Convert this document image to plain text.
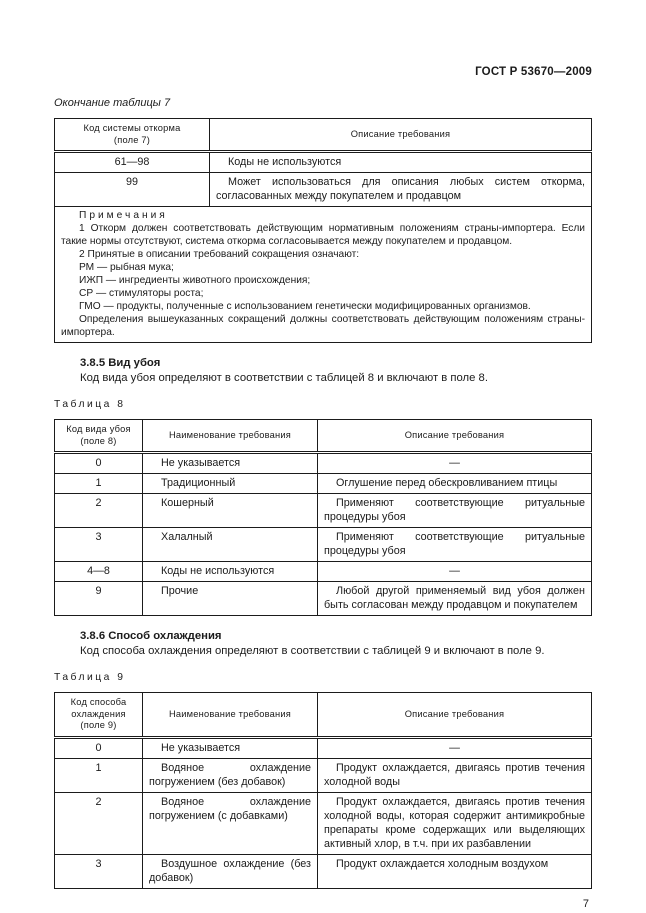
ГОСТ Р 53670—2009
Окончание таблицы 7
Код системы откорма
(поле 7)	Описание требования
61—98	Коды не используются
99	Может использоваться для описания любых систем откорма, согласованных между покупателем и продавцом

Примечания

1 Откорм должен соответствовать действующим нормативным положениям страны-импортера. Если такие нормы отсутствуют, система откорма согласовывается между покупателем и продавцом.

2 Принятые в описании требований сокращения означают:

РМ — рыбная мука;

ИЖП — ингредиенты животного происхождения;

СР — стимуляторы роста;

ГМО — продукты, полученные с использованием генетически модифицированных организмов.

Определения вышеуказанных сокращений должны соответствовать действующим положениям страны-импортера.

3.8.5 Вид убоя

Код вида убоя определяют в соответствии с таблицей 8 и включают в поле 8.

Таблица 8
Код вида убоя
(поле 8)	Наименование требования	Описание требования
0	Не указывается	—
1	Традиционный	Оглушение перед обескровливанием птицы
2	Кошерный	Применяют соответствующие ритуальные процедуры убоя
3	Халалный	Применяют соответствующие ритуальные процедуры убоя
4—8	Коды не используются	—
9	Прочие	Любой другой применяемый вид убоя должен быть согласован между продавцом и покупателем

3.8.6 Способ охлаждения

Код способа охлаждения определяют в соответствии с таблицей 9 и включают в поле 9.

Таблица 9
Код способа
охлаждения
(поле 9)	Наименование требования	Описание требования
0	Не указывается	—
1	Водяное охлаждение погружением (без добавок)	Продукт охлаждается, двигаясь против течения холодной воды
2	Водяное охлаждение погружением (с добавками)	Продукт охлаждается, двигаясь против течения холодной воды, которая содержит антимикробные препараты кроме содержащих или выделяющих активный хлор, в т.ч. при их разбавлении
3	Воздушное охлаждение (без добавок)	Продукт охлаждается холодным воздухом
7
